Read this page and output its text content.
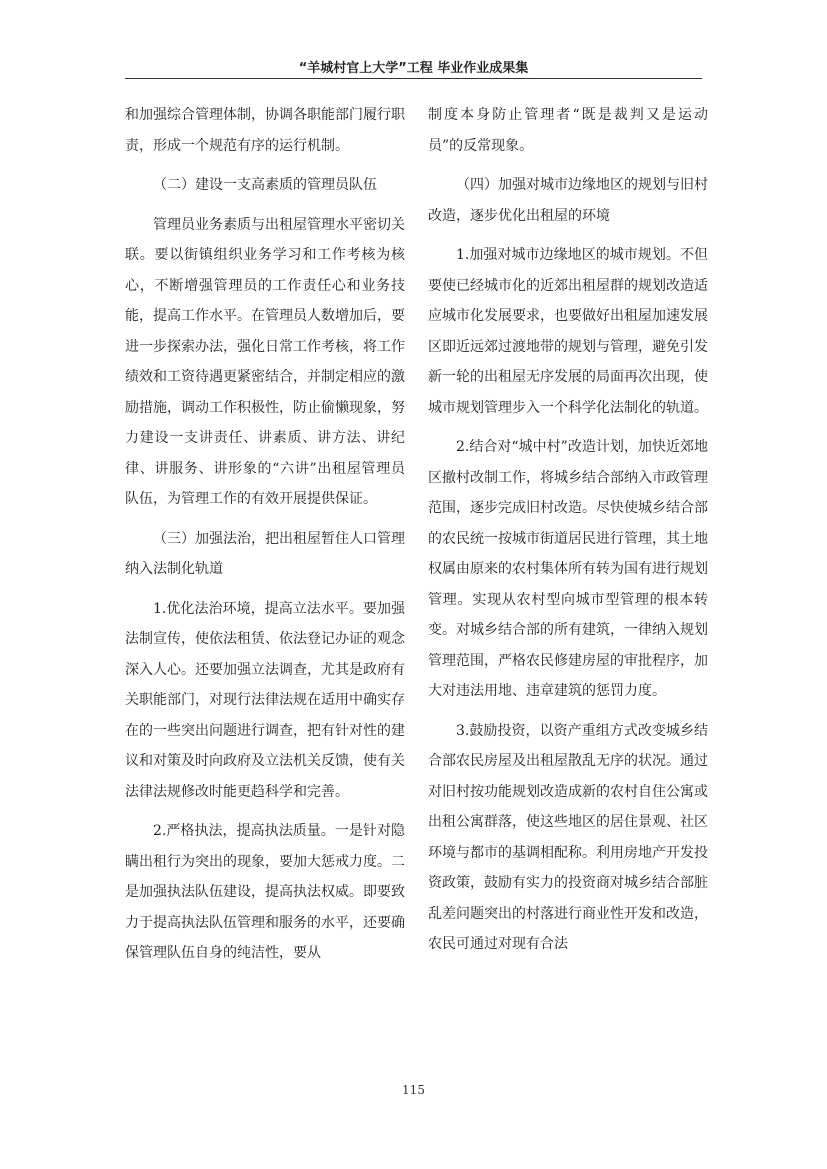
“羊城村官上大学”工程 毕业作业成果集

和加强综合管理体制，协调各职能部门履行职责，形成一个规范有序的运行机制。

（二）建设一支高素质的管理员队伍

管理员业务素质与出租屋管理水平密切关联。要以街镇组织业务学习和工作考核为核心，不断增强管理员的工作责任心和业务技能，提高工作水平。在管理员人数增加后，要进一步探索办法，强化日常工作考核，将工作绩效和工资待遇更紧密结合，并制定相应的激励措施，调动工作积极性，防止偷懒现象，努力建设一支讲责任、讲素质、讲方法、讲纪律、讲服务、讲形象的“六讲”出租屋管理员队伍，为管理工作的有效开展提供保证。

（三）加强法治，把出租屋暂住人口管理纳入法制化轨道

1.优化法治环境，提高立法水平。要加强法制宣传，使依法租赁、依法登记办证的观念深入人心。还要加强立法调查，尤其是政府有关职能部门，对现行法律法规在适用中确实存在的一些突出问题进行调查，把有针对性的建议和对策及时向政府及立法机关反馈，使有关法律法规修改时能更趋科学和完善。

2.严格执法，提高执法质量。一是针对隐瞒出租行为突出的现象，要加大惩戒力度。二是加强执法队伍建设，提高执法权威。即要致力于提高执法队伍管理和服务的水平，还要确保管理队伍自身的纯洁性，要从

制度本身防止管理者“既是裁判又是运动员”的反常现象。

（四）加强对城市边缘地区的规划与旧村改造，逐步优化出租屋的环境

1.加强对城市边缘地区的城市规划。不但要使已经城市化的近郊出租屋群的规划改造适应城市化发展要求，也要做好出租屋加速发展区即近远郊过渡地带的规划与管理，避免引发新一轮的出租屋无序发展的局面再次出现，使城市规划管理步入一个科学化法制化的轨道。

2.结合对“城中村”改造计划，加快近郊地区撤村改制工作，将城乡结合部纳入市政管理范围，逐步完成旧村改造。尽快使城乡结合部的农民统一按城市街道居民进行管理，其土地权属由原来的农村集体所有转为国有进行规划管理。实现从农村型向城市型管理的根本转变。对城乡结合部的所有建筑，一律纳入规划管理范围，严格农民修建房屋的审批程序，加大对违法用地、违章建筑的惩罚力度。

3.鼓励投资，以资产重组方式改变城乡结合部农民房屋及出租屋散乱无序的状况。通过对旧村按功能规划改造成新的农村自住公寓或出租公寓群落，使这些地区的居住景观、社区环境与都市的基调相配称。利用房地产开发投资政策，鼓励有实力的投资商对城乡结合部脏乱差问题突出的村落进行商业性开发和改造，农民可通过对现有合法

115
